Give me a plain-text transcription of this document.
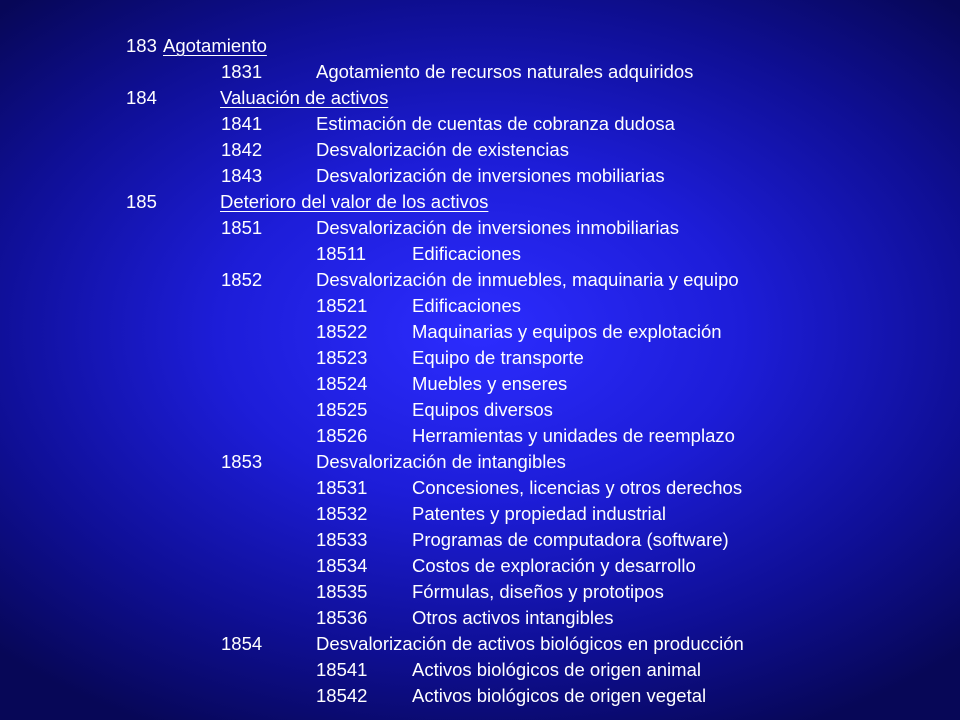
183 Agotamiento
1831	Agotamiento de recursos naturales adquiridos
184	Valuación de activos
1841	Estimación de cuentas de cobranza dudosa
1842	Desvalorización de existencias
1843	Desvalorización de inversiones mobiliarias
185	Deterioro del valor de los activos
1851	Desvalorización de inversiones inmobiliarias
18511 Edificaciones
1852	Desvalorización de inmuebles, maquinaria y equipo
18521 Edificaciones
18522 Maquinarias y equipos de explotación
18523 Equipo de transporte
18524 Muebles y enseres
18525 Equipos diversos
18526 Herramientas y unidades de reemplazo
1853	Desvalorización de intangibles
18531 Concesiones, licencias y otros derechos
18532 Patentes y propiedad industrial
18533 Programas de computadora (software)
18534 Costos de exploración y desarrollo
18535 Fórmulas, diseños y prototipos
18536 Otros activos intangibles
1854	Desvalorización de activos biológicos en producción
18541 Activos biológicos de origen animal
18542 Activos biológicos de origen vegetal
